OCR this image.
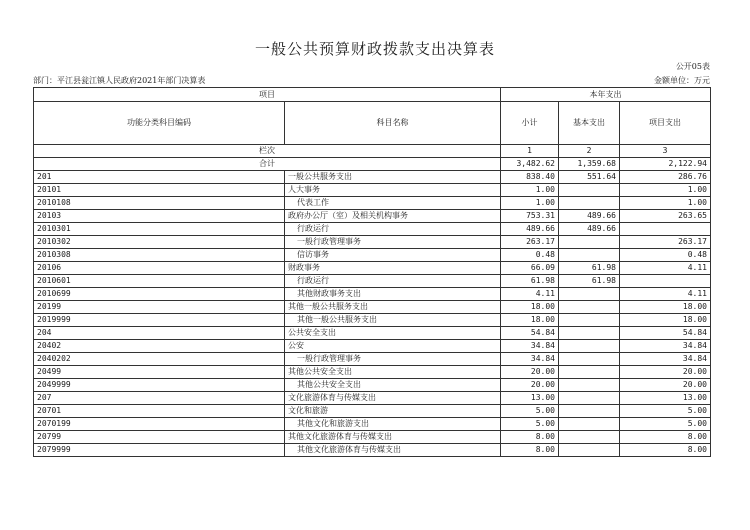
一般公共预算财政拨款支出决算表
公开05表
部门：平江县瓮江镇人民政府2021年部门决算表	金额单位：万元
项目		本年支出		
功能分类科目编码	科目名称	小计	基本支出	项目支出
栏次		1	2	3
合计		3,482.62	1,359.68	2,122.94
201	一般公共服务支出	838.40	551.64	286.76
20101	人大事务	1.00		1.00
2010108	代表工作	1.00		1.00
20103	政府办公厅（室）及相关机构事务	753.31	489.66	263.65
2010301	行政运行	489.66	489.66	
2010302	一般行政管理事务	263.17		263.17
2010308	信访事务	0.48		0.48
20106	财政事务	66.09	61.98	4.11
2010601	行政运行	61.98	61.98	
2010699	其他财政事务支出	4.11		4.11
20199	其他一般公共服务支出	18.00		18.00
2019999	其他一般公共服务支出	18.00		18.00
204	公共安全支出	54.84		54.84
20402	公安	34.84		34.84
2040202	一般行政管理事务	34.84		34.84
20499	其他公共安全支出	20.00		20.00
2049999	其他公共安全支出	20.00		20.00
207	文化旅游体育与传媒支出	13.00		13.00
20701	文化和旅游	5.00		5.00
2070199	其他文化和旅游支出	5.00		5.00
20799	其他文化旅游体育与传媒支出	8.00		8.00
2079999	其他文化旅游体育与传媒支出	8.00		8.00
